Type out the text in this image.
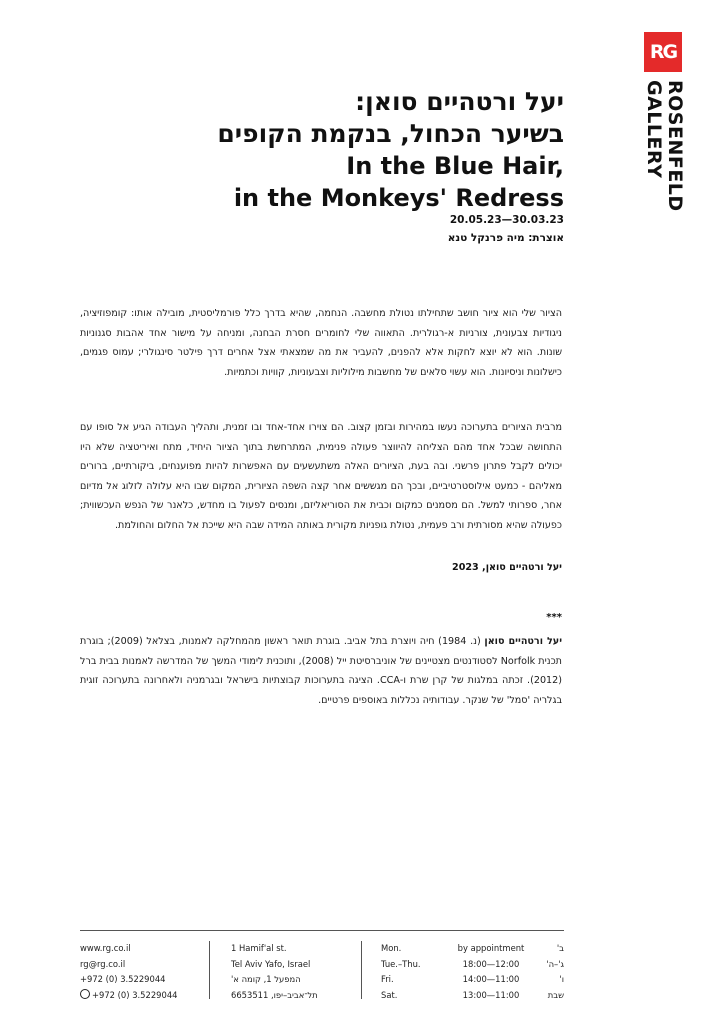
RG
ROSENFELD
GALLERY
יעל ורטהיים סואן:
בשיער הכחול, בנקמת הקופים
In the Blue Hair,
in the Monkeys' Redress
20.05.23—30.03.23
אוצרת: מיה פרנקל טנא

הציור שלי הוא ציור חושב שתחילתו נטולת מחשבה. הנחמה, שהיא בדרך כלל פורמליסטית, מובילה אותו: קומפוזיציה, ניגודיות צבעונית, צורניות א-רגולרית. התאווה שלי לחומרים חסרת הבחנה, ומניחה על מישור אחד אהבות סגנוניות שונות. הוא לא יוצא לחקות אלא להפנים, להעביר את מה שמצאתי אצל אחרים דרך פילטר סינגולרי; עמוס פגמים, כישלונות וניסיונות. הוא עשוי סלאים של מחשבות מילוליות וצבעוניות, קוויות וכתמיות.

מרבית הציורים בתערוכה נעשו במהירות ובזמן קצוב. הם צוירו אחד-אחד ובו זמנית, ותהליך העבודה הגיע אל סופו עם התחושה שבכל אחד מהם הצליחה להיווצר פעולה פנימית, המתרחשת בתוך הציור היחיד, מתח ואיריטציה שלא היו יכולים לקבל פתרון פרשני. ובה בעת, הציורים האלה משתעשעים עם האפשרות להיות מפוענחים, ביקורתיים, ברורים מאליהם - כמעט אילוסטרטיביים, ובכך הם מגששים אחר קצה השפה הציורית, המקום שבו היא עלולה לזלוג אל מדיום אחר, ספרותי למשל. הם מסמנים כמקום וכבית את הסוריאליזם, ומנסים לפעול בו מחדש, כלאנר של הנפש העכשווית; כפעולה שהיא מסורתית ורב פעמית, נטולת גופניות מקורית באותה המידה שבה היא שייכת אל החלום והחולמת.

יעל ורטהיים סואן, 2023
***

יעל ורטהיים סואן (נ. 1984) חיה ויוצרת בתל אביב. בוגרת תואר ראשון מהמחלקה לאמנות, בצלאל (2009); בוגרת תכנית Norfolk לסטודנטים מצטיינים של אוניברסיטת ייל (2008), ותוכנית לימודי המשך של המדרשה לאמנות בבית ברל (2012). זכתה במלגות של קרן שרת ו-CCA. הציגה בתערוכות קבוצתיות בישראל ובגרמניה ולאחרונה בתערוכה זוגית בגלריה 'סמל' של שנקר. עבודותיה נכללות באוספים פרטיים.

www.rg.co.il
rg@rg.co.il
+972 (0) 3.5229044
+972 (0) 3.5229044
1 Hamif'al st.
Tel Aviv Yafo, Israel
המפעל 1, קומה א'
תל־אביב–יפו, 6653511
Mon.	by appointment	ב'
Tue.–Thu.	18:00—12:00	ג'–ה'
Fri.	14:00—11:00	ו'
Sat.	13:00—11:00	שבת
